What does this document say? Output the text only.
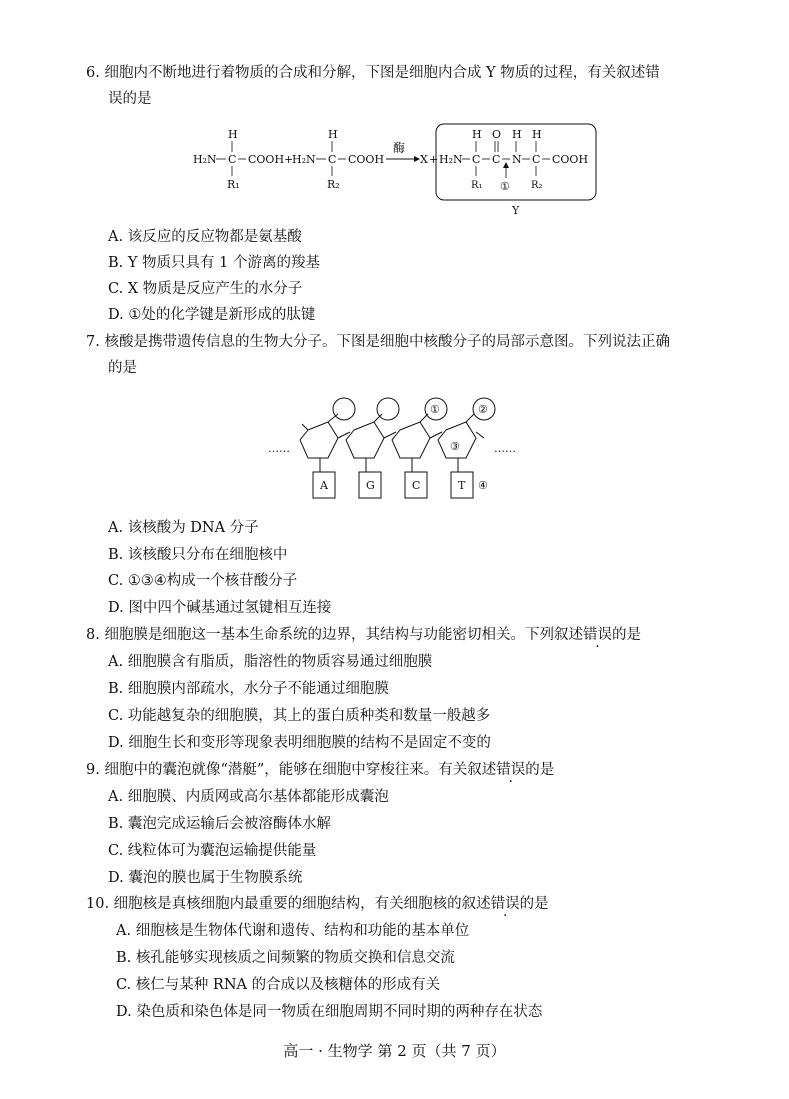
6. 细胞内不断地进行着物质的合成和分解，下图是细胞内合成 Y 物质的过程，有关叙述错
误的是
H
H₂N C COOH
R₁
+
H
H₂N C COOH
R₂
酶
X + H₂N
H
C
R₁
O
C
H
N
H
C
R₂
COOH
①
Y
A. 该反应的反应物都是氨基酸
B. Y 物质只具有 1 个游离的羧基
C. X 物质是反应产生的水分子
D. ①处的化学键是新形成的肽键
7. 核酸是携带遗传信息的生物大分子。下图是细胞中核酸分子的局部示意图。下列说法正确
的是
……	……
A	G	C	T
①	②
③
④
A. 该核酸为 DNA 分子
B. 该核酸只分布在细胞核中
C. ①③④构成一个核苷酸分子
D. 图中四个碱基通过氢键相互连接
8. 细胞膜是细胞这一基本生命系统的边界，其结构与功能密切相关。下列叙述错误的是
A. 细胞膜含有脂质，脂溶性的物质容易通过细胞膜
B. 细胞膜内部疏水，水分子不能通过细胞膜
C. 功能越复杂的细胞膜，其上的蛋白质种类和数量一般越多
D. 细胞生长和变形等现象表明细胞膜的结构不是固定不变的
9. 细胞中的囊泡就像“潜艇”，能够在细胞中穿梭往来。有关叙述错误的是
A. 细胞膜、内质网或高尔基体都能形成囊泡
B. 囊泡完成运输后会被溶酶体水解
C. 线粒体可为囊泡运输提供能量
D. 囊泡的膜也属于生物膜系统
10. 细胞核是真核细胞内最重要的细胞结构，有关细胞核的叙述错误的是
A. 细胞核是生物体代谢和遗传、结构和功能的基本单位
B. 核孔能够实现核质之间频繁的物质交换和信息交流
C. 核仁与某种 RNA 的合成以及核糖体的形成有关
D. 染色质和染色体是同一物质在细胞周期不同时期的两种存在状态
高一 · 生物学 第 2 页（共 7 页）
